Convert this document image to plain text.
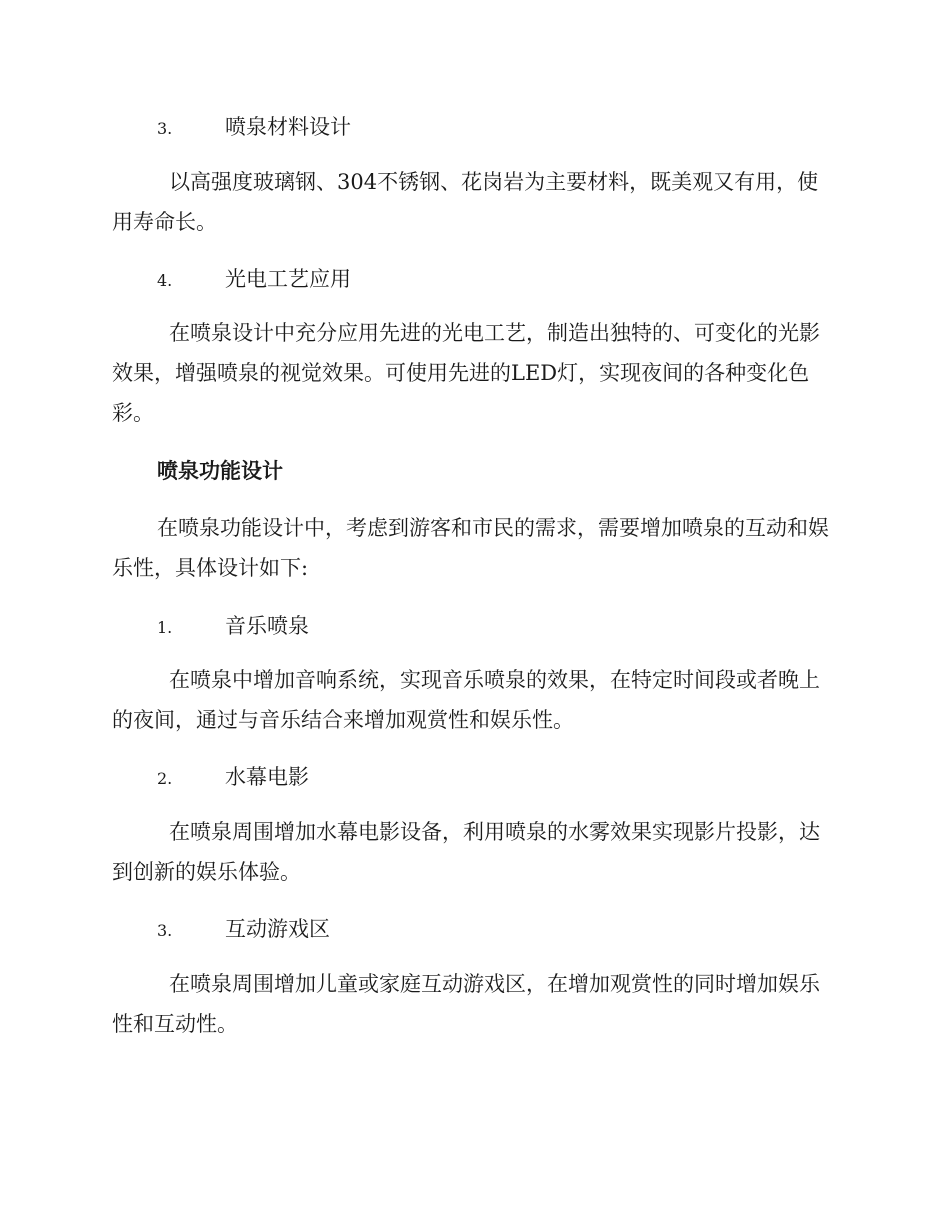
3.	喷泉材料设计

以高强度玻璃钢、304不锈钢、花岗岩为主要材料，既美观又有用，使用寿命长。

4.	光电工艺应用

在喷泉设计中充分应用先进的光电工艺，制造出独特的、可变化的光影效果，增强喷泉的视觉效果。可使用先进的LED灯，实现夜间的各种变化色彩。

喷泉功能设计

在喷泉功能设计中，考虑到游客和市民的需求，需要增加喷泉的互动和娱乐性，具体设计如下:

1.	音乐喷泉

在喷泉中增加音响系统，实现音乐喷泉的效果，在特定时间段或者晚上的夜间，通过与音乐结合来增加观赏性和娱乐性。

2.	水幕电影

在喷泉周围增加水幕电影设备，利用喷泉的水雾效果实现影片投影，达到创新的娱乐体验。

3.	互动游戏区

在喷泉周围增加儿童或家庭互动游戏区，在增加观赏性的同时增加娱乐性和互动性。
